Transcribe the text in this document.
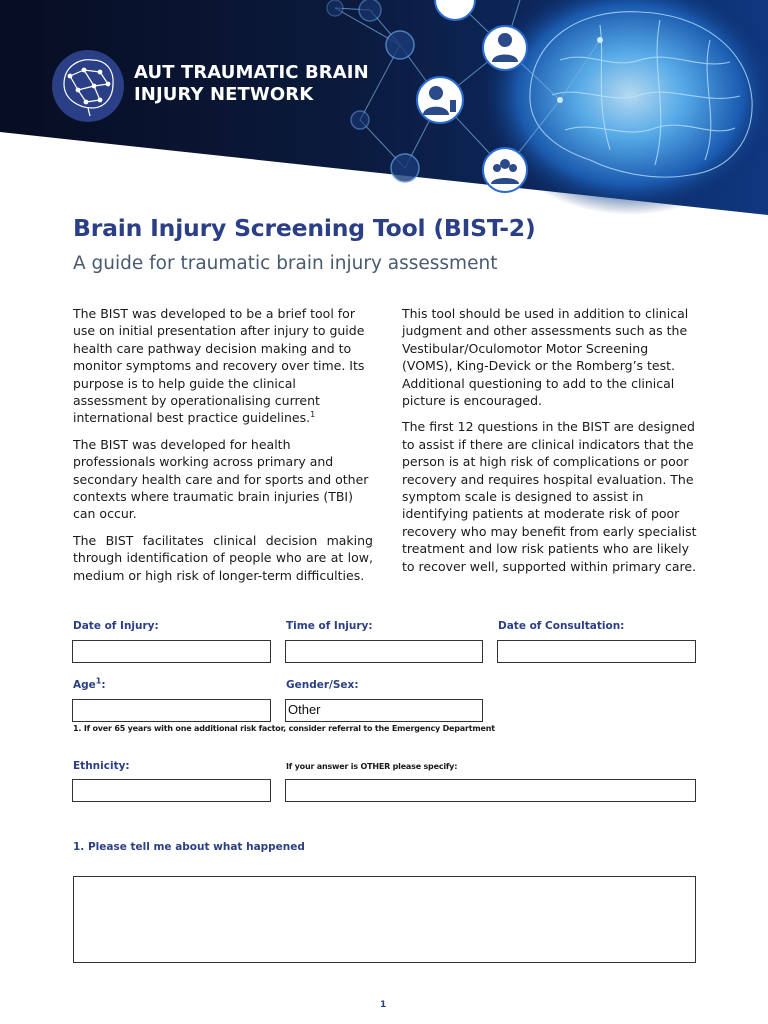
AUT TRAUMATIC BRAIN
INJURY NETWORK
Brain Injury Screening Tool (BIST-2)
A guide for traumatic brain injury assessment

The BIST was developed to be a brief tool for use on initial presentation after injury to guide health care pathway decision making and to monitor symptoms and recovery over time. Its purpose is to help guide the clinical assessment by operationalising current international best practice guidelines.$^1$

The BIST was developed for health professionals working across primary and secondary health care and for sports and other contexts where traumatic brain injuries (TBI) can occur.

The BIST facilitates clinical decision making through identification of people who are at low, medium or high risk of longer-term difficulties.

This tool should be used in addition to clinical judgment and other assessments such as the Vestibular/Oculomotor Motor Screening (VOMS), King-Devick or the Romberg’s test. Additional questioning to add to the clinical picture is encouraged.

The first 12 questions in the BIST are designed to assist if there are clinical indicators that the person is at high risk of complications or poor recovery and requires hospital evaluation. The symptom scale is designed to assist in identifying patients at moderate risk of poor recovery who may benefit from early specialist treatment and low risk patients who are likely to recover well, supported within primary care.

Date of Injury:	Time of Injury:	Date of Consultation:
Age$^1$:	Gender/Sex:
Other
1. If over 65 years with one additional risk factor, consider referral to the Emergency Department
Ethnicity:	If your answer is OTHER please specify:
1. Please tell me about what happened
1
